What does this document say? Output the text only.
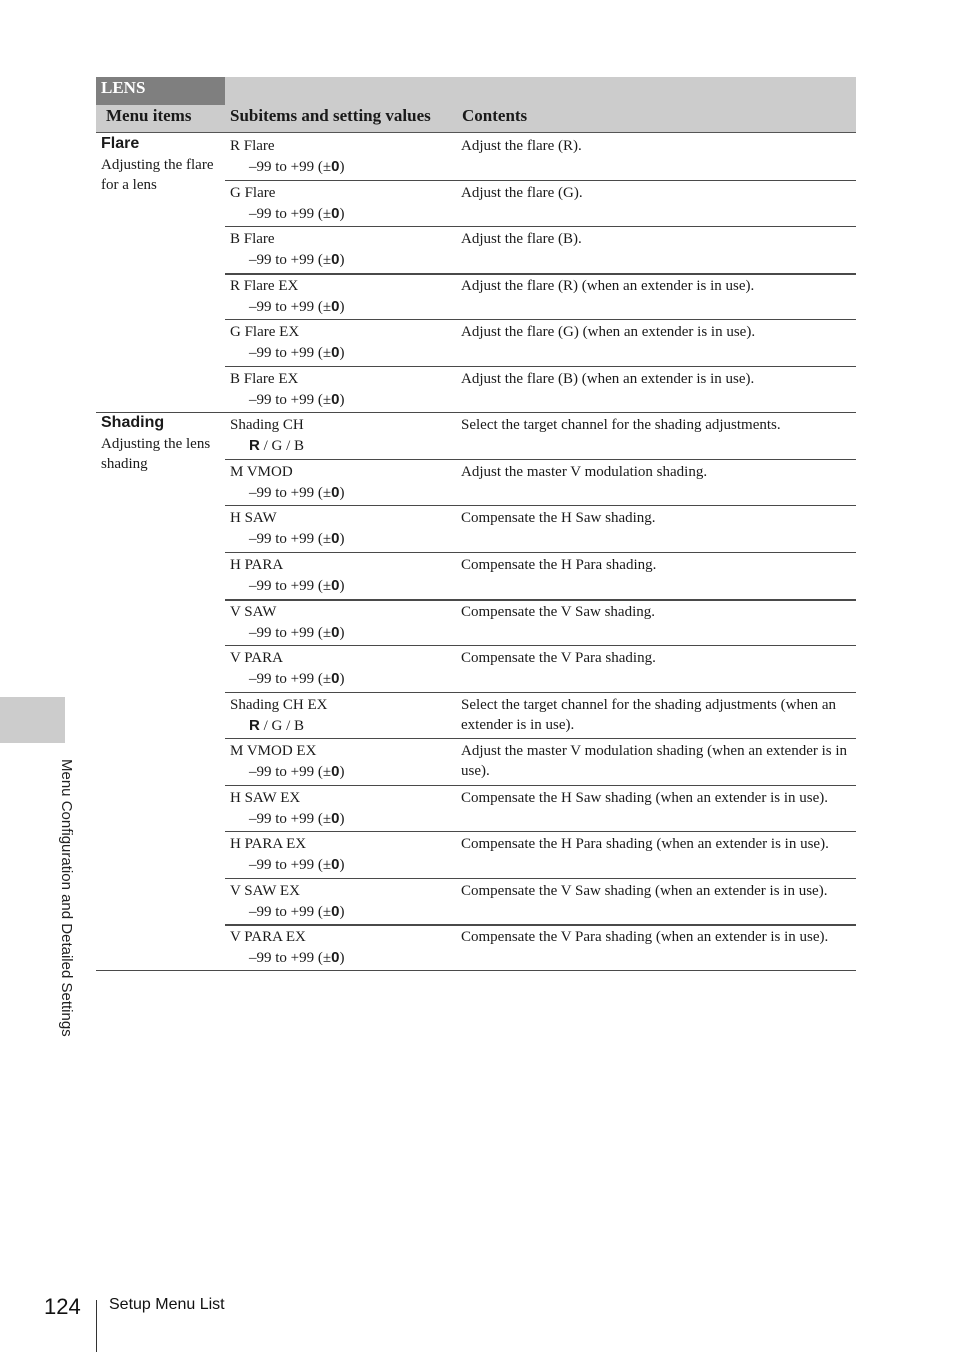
LENS
Menu items Subitems and setting values Contents
Flare
Adjusting the flare for a lens
Shading
Adjusting the lens shading
R Flare
–99 to +99 (±0)
Adjust the flare (R).
G Flare
–99 to +99 (±0)
Adjust the flare (G).
B Flare
–99 to +99 (±0)
Adjust the flare (B).
R Flare EX
–99 to +99 (±0)
Adjust the flare (R) (when an extender is in use).
G Flare EX
–99 to +99 (±0)
Adjust the flare (G) (when an extender is in use).
B Flare EX
–99 to +99 (±0)
Adjust the flare (B) (when an extender is in use).
Shading CH
R / G / B
Select the target channel for the shading adjustments.
M VMOD
–99 to +99 (±0)
Adjust the master V modulation shading.
H SAW
–99 to +99 (±0)
Compensate the H Saw shading.
H PARA
–99 to +99 (±0)
Compensate the H Para shading.
V SAW
–99 to +99 (±0)
Compensate the V Saw shading.
V PARA
–99 to +99 (±0)
Compensate the V Para shading.
Shading CH EX
R / G / B
Select the target channel for the shading adjustments (when an extender is in use).
M VMOD EX
–99 to +99 (±0)
Adjust the master V modulation shading (when an extender is in use).
H SAW EX
–99 to +99 (±0)
Compensate the H Saw shading (when an extender is in use).
H PARA EX
–99 to +99 (±0)
Compensate the H Para shading (when an extender is in use).
V SAW EX
–99 to +99 (±0)
Compensate the V Saw shading (when an extender is in use).
V PARA EX
–99 to +99 (±0)
Compensate the V Para shading (when an extender is in use).
Menu Configuration and Detailed Settings
124 Setup Menu List
